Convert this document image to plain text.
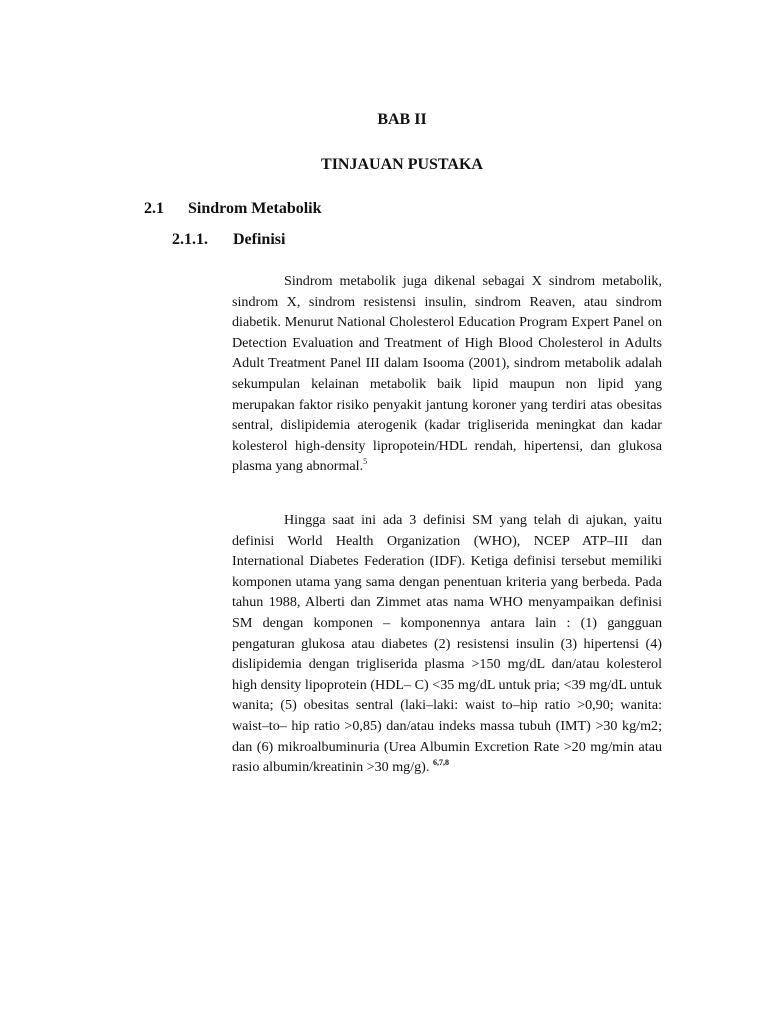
BAB II
TINJAUAN PUSTAKA
2.1 Sindrom Metabolik
2.1.1. Definisi

Sindrom metabolik juga dikenal sebagai X sindrom metabolik, sindrom X, sindrom resistensi insulin, sindrom Reaven, atau sindrom diabetik. Menurut National Cholesterol Education Program Expert Panel on Detection Evaluation and Treatment of High Blood Cholesterol in Adults Adult Treatment Panel III dalam Isooma (2001), sindrom metabolik adalah sekumpulan kelainan metabolik baik lipid maupun non lipid yang merupakan faktor risiko penyakit jantung koroner yang terdiri atas obesitas sentral, dislipidemia aterogenik (kadar trigliserida meningkat dan kadar kolesterol high-density lipropotein/HDL rendah, hipertensi, dan glukosa plasma yang abnormal.$^5$

Hingga saat ini ada 3 definisi SM yang telah di ajukan, yaitu definisi World Health Organization (WHO), NCEP ATP–III dan International Diabetes Federation (IDF). Ketiga definisi tersebut memiliki komponen utama yang sama dengan penentuan kriteria yang berbeda. Pada tahun 1988, Alberti dan Zimmet atas nama WHO menyampaikan definisi SM dengan komponen – komponennya antara lain : (1) gangguan pengaturan glukosa atau diabetes (2) resistensi insulin (3) hipertensi (4) dislipidemia dengan trigliserida plasma >150 mg/dL dan/atau kolesterol high density lipoprotein (HDL– C) <35 mg/dL untuk pria; <39 mg/dL untuk wanita; (5) obesitas sentral (laki–laki: waist to–hip ratio >0,90; wanita: waist–to– hip ratio >0,85) dan/atau indeks massa tubuh (IMT) >30 kg/m2; dan (6) mikroalbuminuria (Urea Albumin Excretion Rate >20 mg/min atau rasio albumin/kreatinin >30 mg/g). $^{6,7,8}$
